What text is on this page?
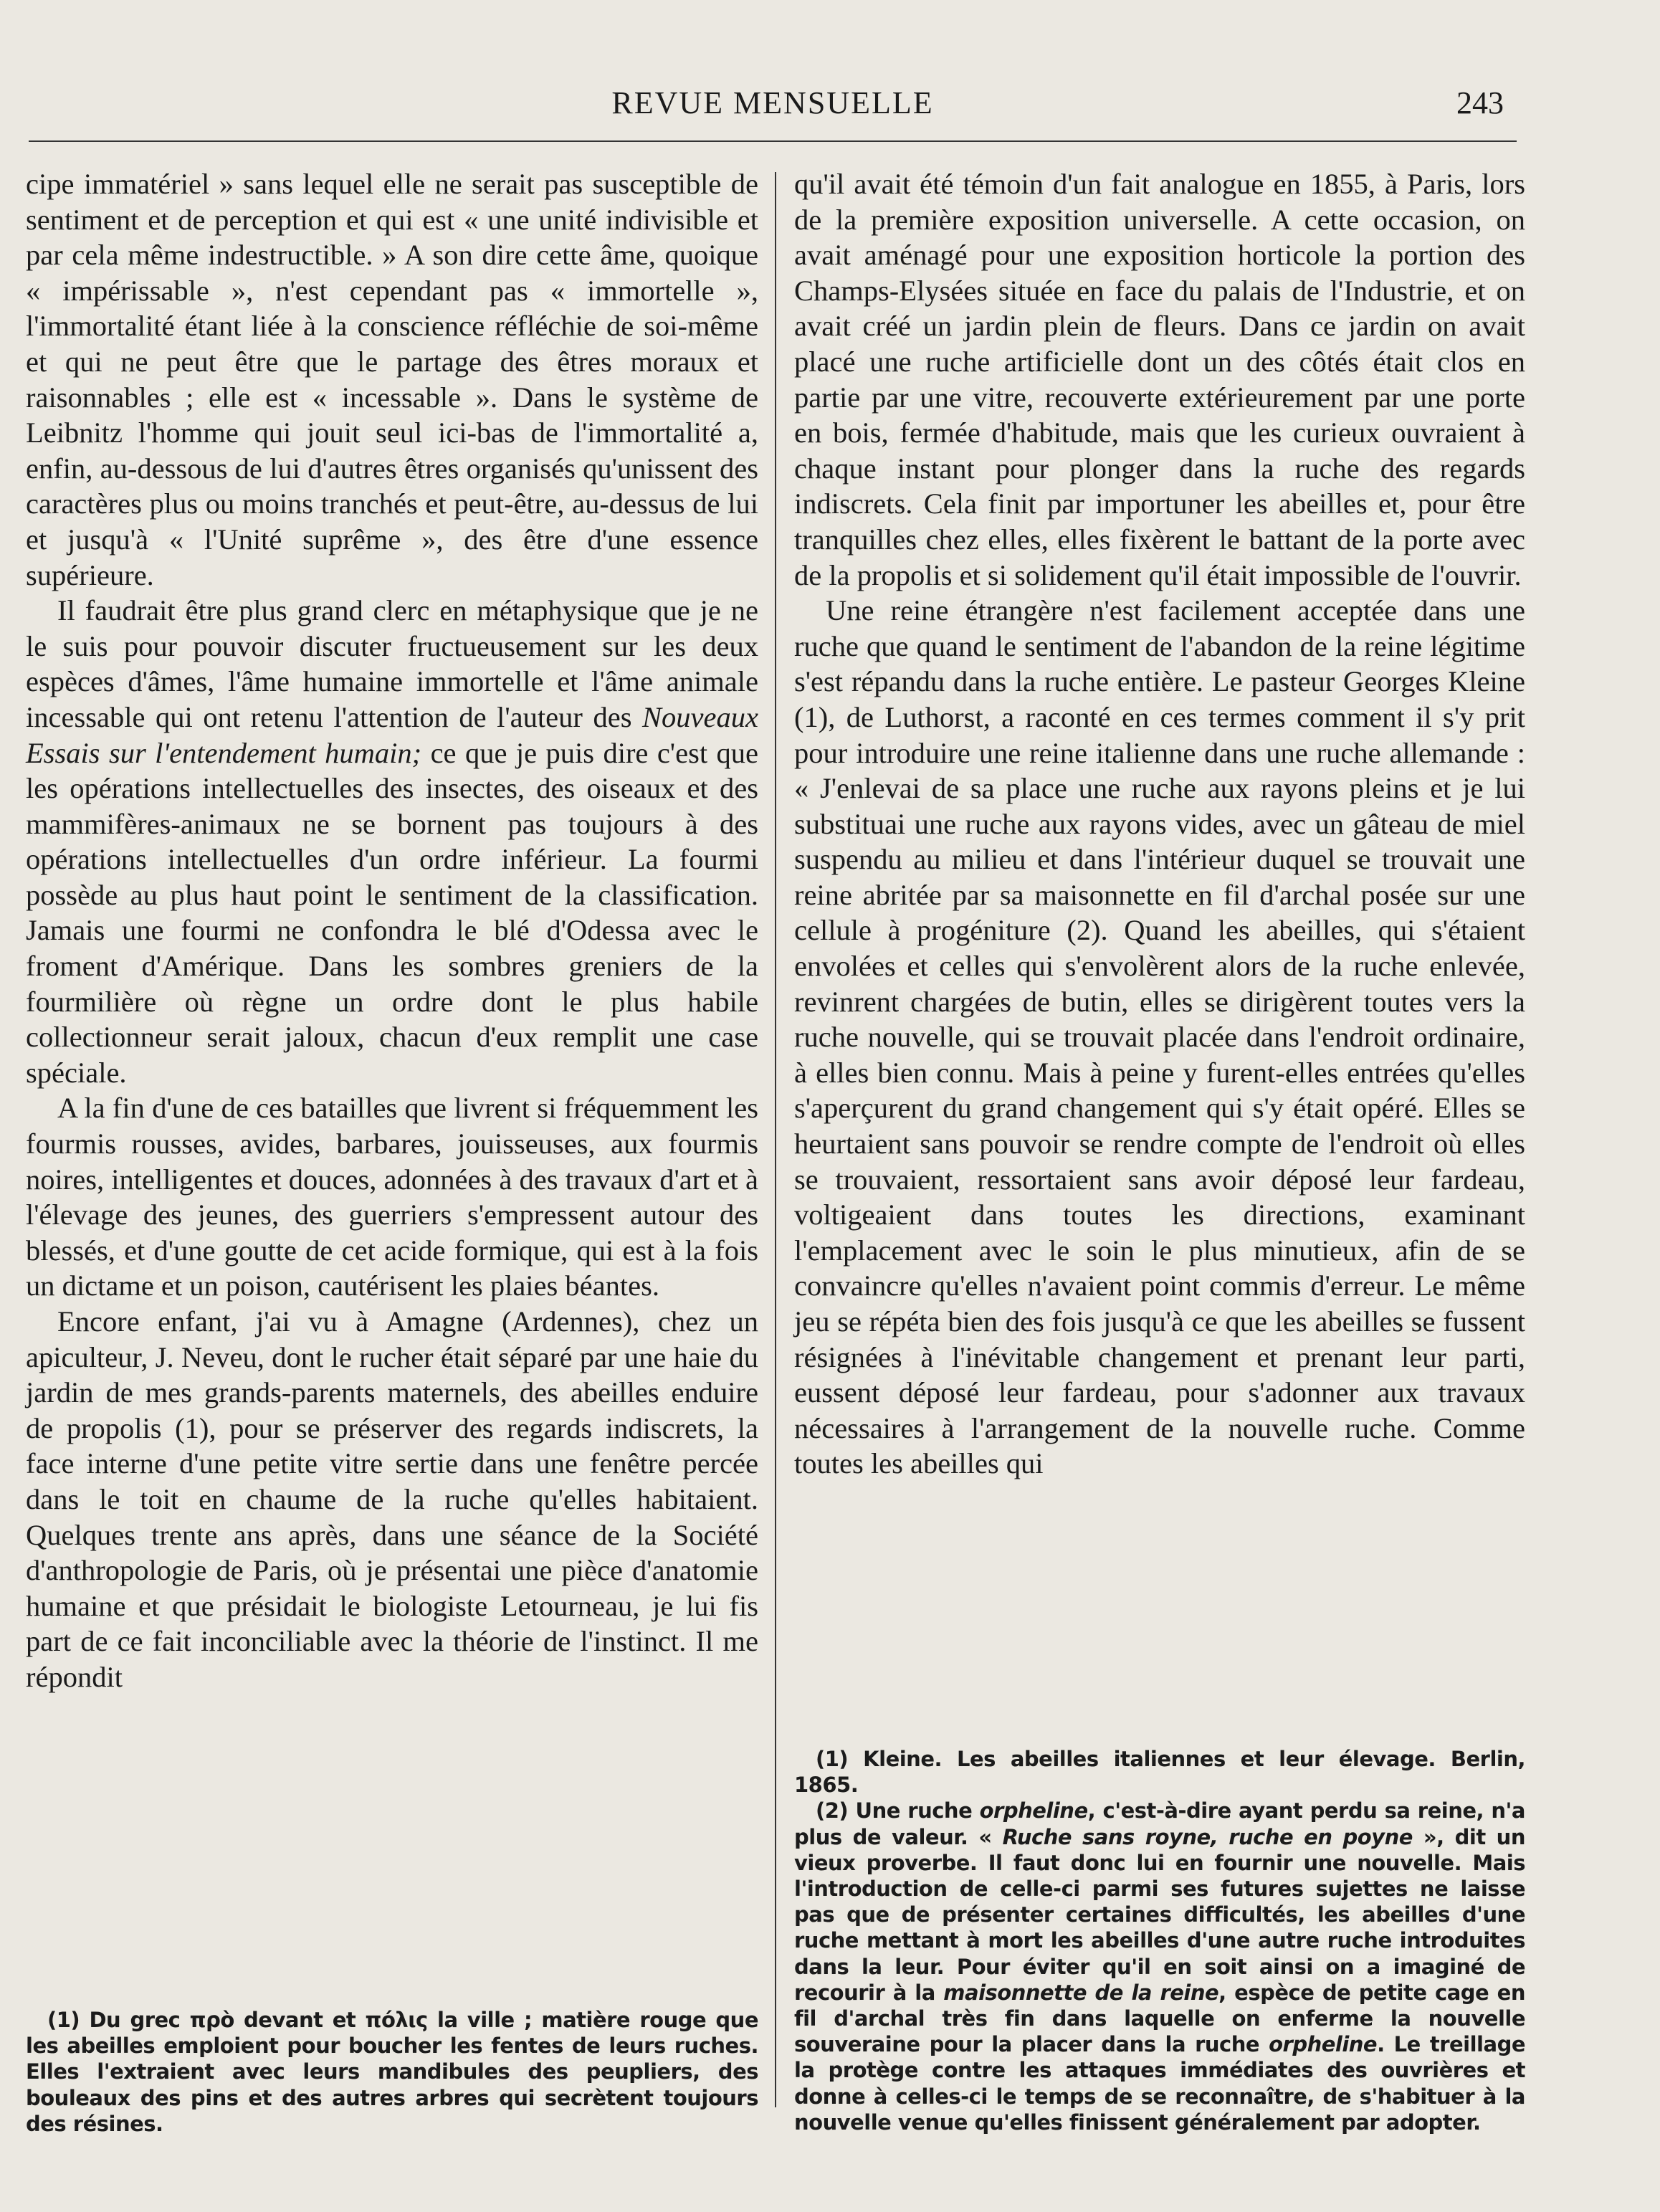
REVUE MENSUELLE	243

cipe immatériel » sans lequel elle ne serait pas susceptible de sentiment et de perception et qui est « une unité indivisible et par cela même indestructible. » A son dire cette âme, quoique « impérissable », n'est cependant pas « immortelle », l'immortalité étant liée à la conscience réfléchie de soi-même et qui ne peut être que le partage des êtres moraux et raisonnables ; elle est « incessable ». Dans le système de Leibnitz l'homme qui jouit seul ici-bas de l'immortalité a, enfin, au-dessous de lui d'autres êtres organisés qu'unissent des caractères plus ou moins tranchés et peut-être, au-dessus de lui et jusqu'à « l'Unité suprême », des être d'une essence supérieure.

Il faudrait être plus grand clerc en métaphysique que je ne le suis pour pouvoir discuter fructueusement sur les deux espèces d'âmes, l'âme humaine immortelle et l'âme animale incessable qui ont retenu l'attention de l'auteur des Nouveaux Essais sur l'entendement humain; ce que je puis dire c'est que les opérations intellectuelles des insectes, des oiseaux et des mammifères-animaux ne se bornent pas toujours à des opérations intellectuelles d'un ordre inférieur. La fourmi possède au plus haut point le sentiment de la classification. Jamais une fourmi ne confondra le blé d'Odessa avec le froment d'Amérique. Dans les sombres greniers de la fourmilière où règne un ordre dont le plus habile collectionneur serait jaloux, chacun d'eux remplit une case spéciale.

A la fin d'une de ces batailles que livrent si fréquemment les fourmis rousses, avides, barbares, jouisseuses, aux fourmis noires, intelligentes et douces, adonnées à des travaux d'art et à l'élevage des jeunes, des guerriers s'empressent autour des blessés, et d'une goutte de cet acide formique, qui est à la fois un dictame et un poison, cautérisent les plaies béantes.

Encore enfant, j'ai vu à Amagne (Ardennes), chez un apiculteur, J. Neveu, dont le rucher était séparé par une haie du jardin de mes grands-parents maternels, des abeilles enduire de propolis (1), pour se préserver des regards indiscrets, la face interne d'une petite vitre sertie dans une fenêtre percée dans le toit en chaume de la ruche qu'elles habitaient. Quelques trente ans après, dans une séance de la Société d'anthropologie de Paris, où je présentai une pièce d'anatomie humaine et que présidait le biologiste Letourneau, je lui fis part de ce fait inconciliable avec la théorie de l'instinct. Il me répondit

qu'il avait été témoin d'un fait analogue en 1855, à Paris, lors de la première exposition universelle. A cette occasion, on avait aménagé pour une exposition horticole la portion des Champs-Elysées située en face du palais de l'Industrie, et on avait créé un jardin plein de fleurs. Dans ce jardin on avait placé une ruche artificielle dont un des côtés était clos en partie par une vitre, recouverte extérieurement par une porte en bois, fermée d'habitude, mais que les curieux ouvraient à chaque instant pour plonger dans la ruche des regards indiscrets. Cela finit par importuner les abeilles et, pour être tranquilles chez elles, elles fixèrent le battant de la porte avec de la propolis et si solidement qu'il était impossible de l'ouvrir.

Une reine étrangère n'est facilement acceptée dans une ruche que quand le sentiment de l'abandon de la reine légitime s'est répandu dans la ruche entière. Le pasteur Georges Kleine (1), de Luthorst, a raconté en ces termes comment il s'y prit pour introduire une reine italienne dans une ruche allemande : « J'enlevai de sa place une ruche aux rayons pleins et je lui substituai une ruche aux rayons vides, avec un gâteau de miel suspendu au milieu et dans l'intérieur duquel se trouvait une reine abritée par sa maisonnette en fil d'archal posée sur une cellule à progéniture (2). Quand les abeilles, qui s'étaient envolées et celles qui s'envolèrent alors de la ruche enlevée, revinrent chargées de butin, elles se dirigèrent toutes vers la ruche nouvelle, qui se trouvait placée dans l'endroit ordinaire, à elles bien connu. Mais à peine y furent-elles entrées qu'elles s'aperçurent du grand changement qui s'y était opéré. Elles se heurtaient sans pouvoir se rendre compte de l'endroit où elles se trouvaient, ressortaient sans avoir déposé leur fardeau, voltigeaient dans toutes les directions, examinant l'emplacement avec le soin le plus minutieux, afin de se convaincre qu'elles n'avaient point commis d'erreur. Le même jeu se répéta bien des fois jusqu'à ce que les abeilles se fussent résignées à l'inévitable changement et prenant leur parti, eussent déposé leur fardeau, pour s'adonner aux travaux nécessaires à l'arrangement de la nouvelle ruche. Comme toutes les abeilles qui

(1) Du grec πρὸ devant et πόλις la ville ; matière rouge que les abeilles emploient pour boucher les fentes de leurs ruches. Elles l'extraient avec leurs mandibules des peupliers, des bouleaux des pins et des autres arbres qui secrètent toujours des résines.

(1) Kleine. Les abeilles italiennes et leur élevage. Berlin, 1865.

(2) Une ruche orpheline, c'est-à-dire ayant perdu sa reine, n'a plus de valeur. « Ruche sans royne, ruche en poyne », dit un vieux proverbe. Il faut donc lui en fournir une nouvelle. Mais l'introduction de celle-ci parmi ses futures sujettes ne laisse pas que de présenter certaines difficultés, les abeilles d'une ruche mettant à mort les abeilles d'une autre ruche introduites dans la leur. Pour éviter qu'il en soit ainsi on a imaginé de recourir à la maisonnette de la reine, espèce de petite cage en fil d'archal très fin dans laquelle on enferme la nouvelle souveraine pour la placer dans la ruche orpheline. Le treillage la protège contre les attaques immédiates des ouvrières et donne à celles-ci le temps de se reconnaître, de s'habituer à la nouvelle venue qu'elles finissent généralement par adopter.
